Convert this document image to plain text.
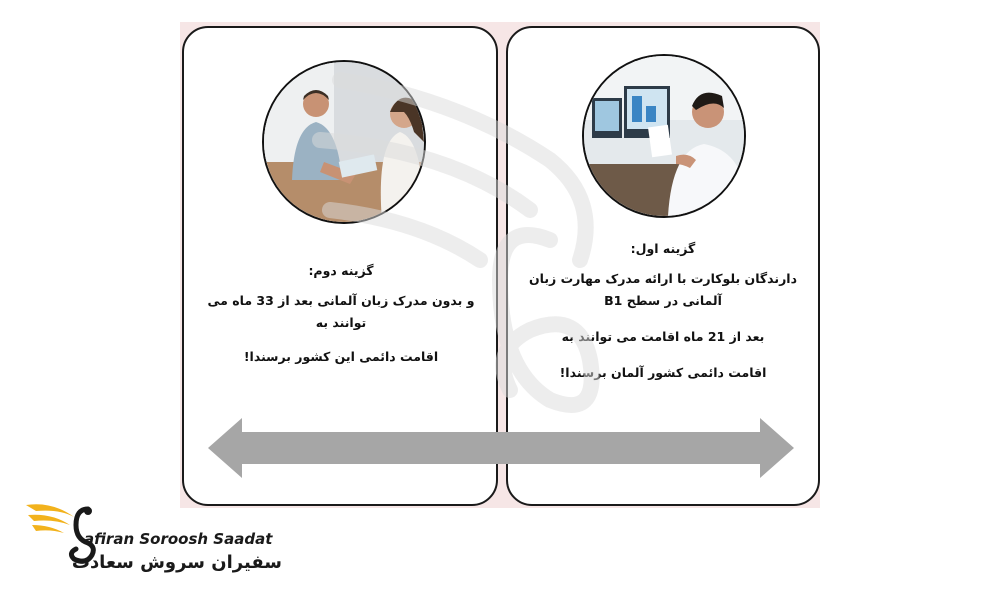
گزینه دوم:

و بدون مدرک زبان آلمانی بعد از 33 ماه می

توانند به

اقامت دائمی این کشور برسندا!

گزینه اول:

دارندگان بلوکارت با ارائه مدرک مهارت زبان

آلمانی در سطح B1

بعد از 21 ماه اقامت می توانند به

اقامت دائمی کشور آلمان برسندا!

afiran Soroosh Saadat
سفیران سروش سعادت
